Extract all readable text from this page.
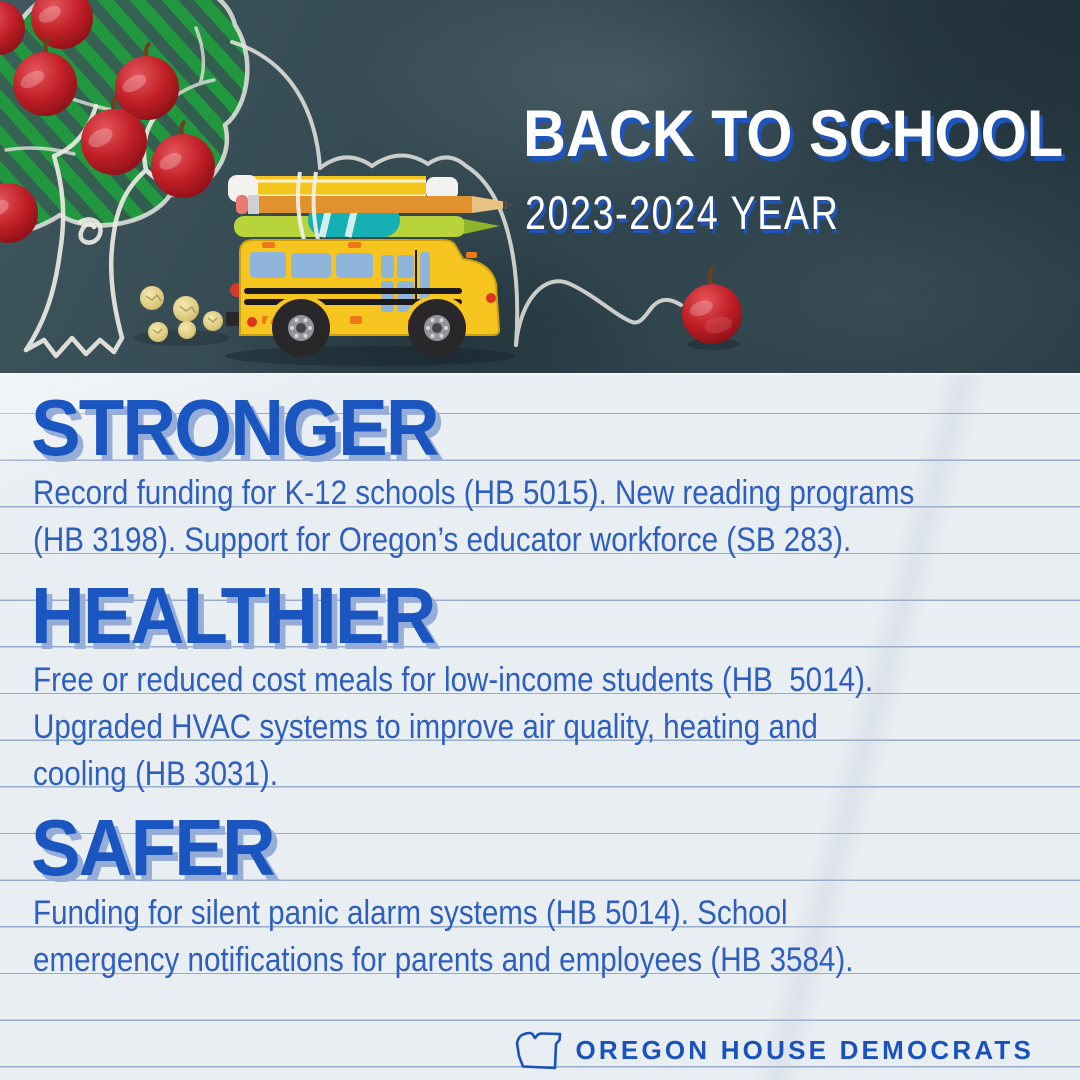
BACK TO SCHOOL
2023-2024 YEAR
STRONGER
Record funding for K-12 schools (HB 5015). New reading programs
(HB 3198). Support for Oregon’s educator workforce (SB 283).
HEALTHIER
Free or reduced cost meals for low-income students (HB  5014).
Upgraded HVAC systems to improve air quality, heating and
cooling (HB 3031).
SAFER
Funding for silent panic alarm systems (HB 5014). School
emergency notifications for parents and employees (HB 3584).
OREGON HOUSE DEMOCRATS
